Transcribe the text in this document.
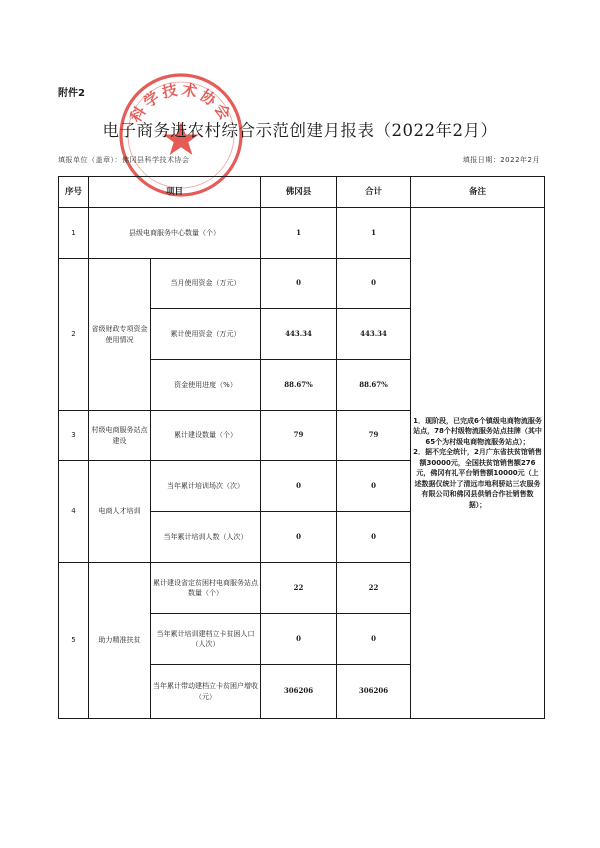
附件2
科学技术协会
电子商务进农村综合示范创建月报表（2022年2月）
填报单位（盖章）：佛冈县科学技术协会	填报日期：2022年2月
序号	项目		佛冈县	合计	备注
1	县级电商服务中心数量（个）		1	1	1．现阶段，已完成6个镇级电商物流服务站点，78个村级物流服务站点挂牌（其中65个为村级电商物流服务站点）；

2．据不完全统计，2月广东省扶贫馆销售额30000元，全国扶贫馆销售额276元，佛冈有礼平台销售额10000元（上述数据仅统计了清远市地利骄站三农服务有限公司和佛冈县供销合作社销售数据）；

2	省级财政专项资金使用情况	当月使用资金（万元）	0	0	
		累计使用资金（万元）	443.34	443.34	
		资金使用进度（%）	88.67%	88.67%	
3	村级电商服务站点建设	累计建设数量（个）	79	79	
4	电商人才培训	当年累计培训场次（次）	0	0	
		当年累计培训人数（人次）	0	0	
5	助力精准扶贫	累计建设省定贫困村电商服务站点数量（个）	22	22	
		当年累计培训建档立卡贫困人口（人次）	0	0	
		当年累计带动建档立卡贫困户增收（元）	306206	306206	
